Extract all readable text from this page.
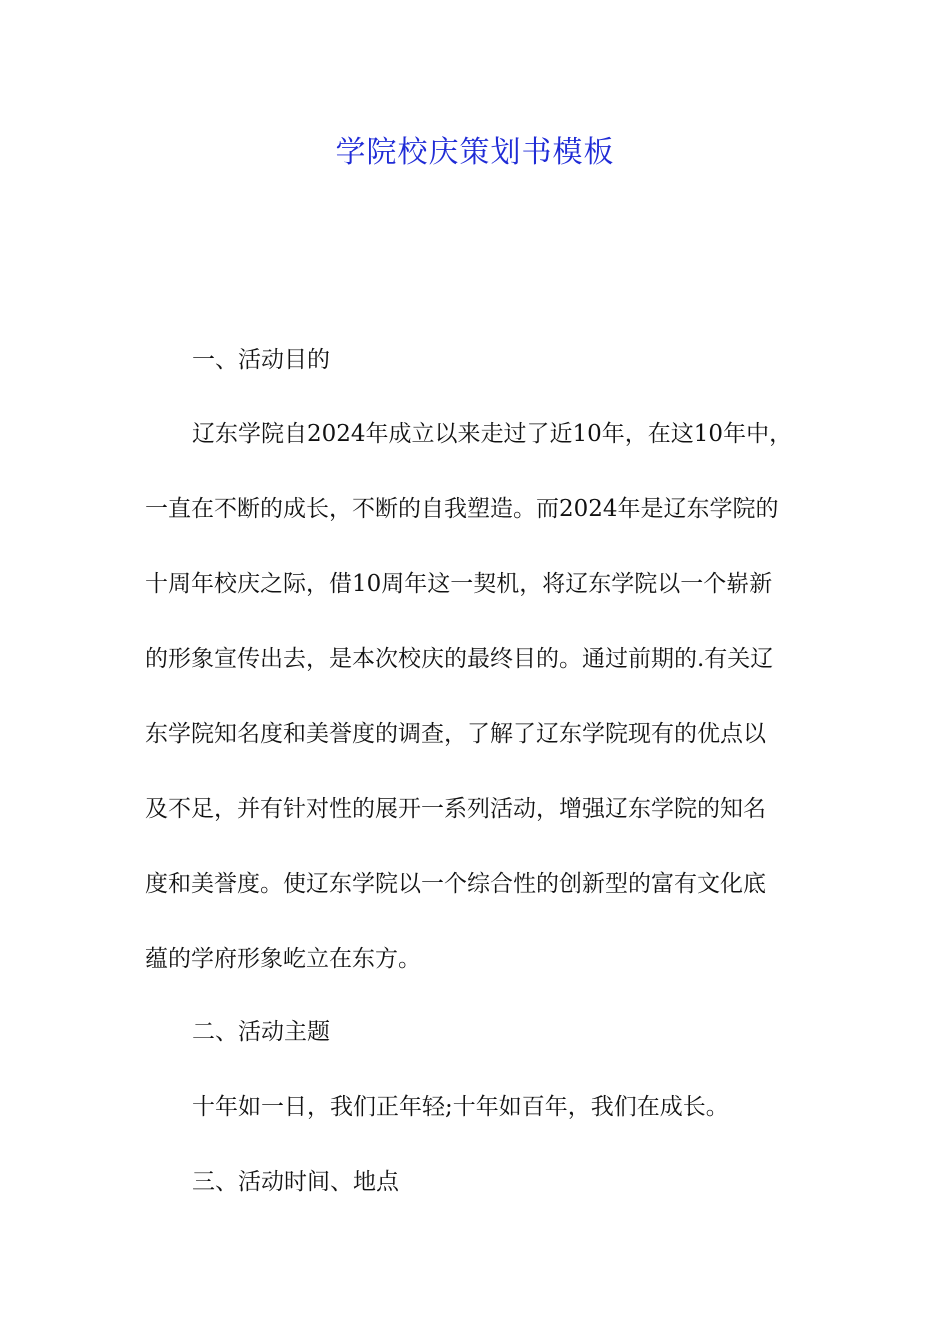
学院校庆策划书模板
一、活动目的
辽东学院自2024年成立以来走过了近10年，在这10年中，
一直在不断的成长，不断的自我塑造。而2024年是辽东学院的
十周年校庆之际，借10周年这一契机，将辽东学院以一个崭新
的形象宣传出去，是本次校庆的最终目的。通过前期的.有关辽
东学院知名度和美誉度的调查，了解了辽东学院现有的优点以
及不足，并有针对性的展开一系列活动，增强辽东学院的知名
度和美誉度。使辽东学院以一个综合性的创新型的富有文化底
蕴的学府形象屹立在东方。
二、活动主题
十年如一日，我们正年轻;十年如百年，我们在成长。
三、活动时间、地点
